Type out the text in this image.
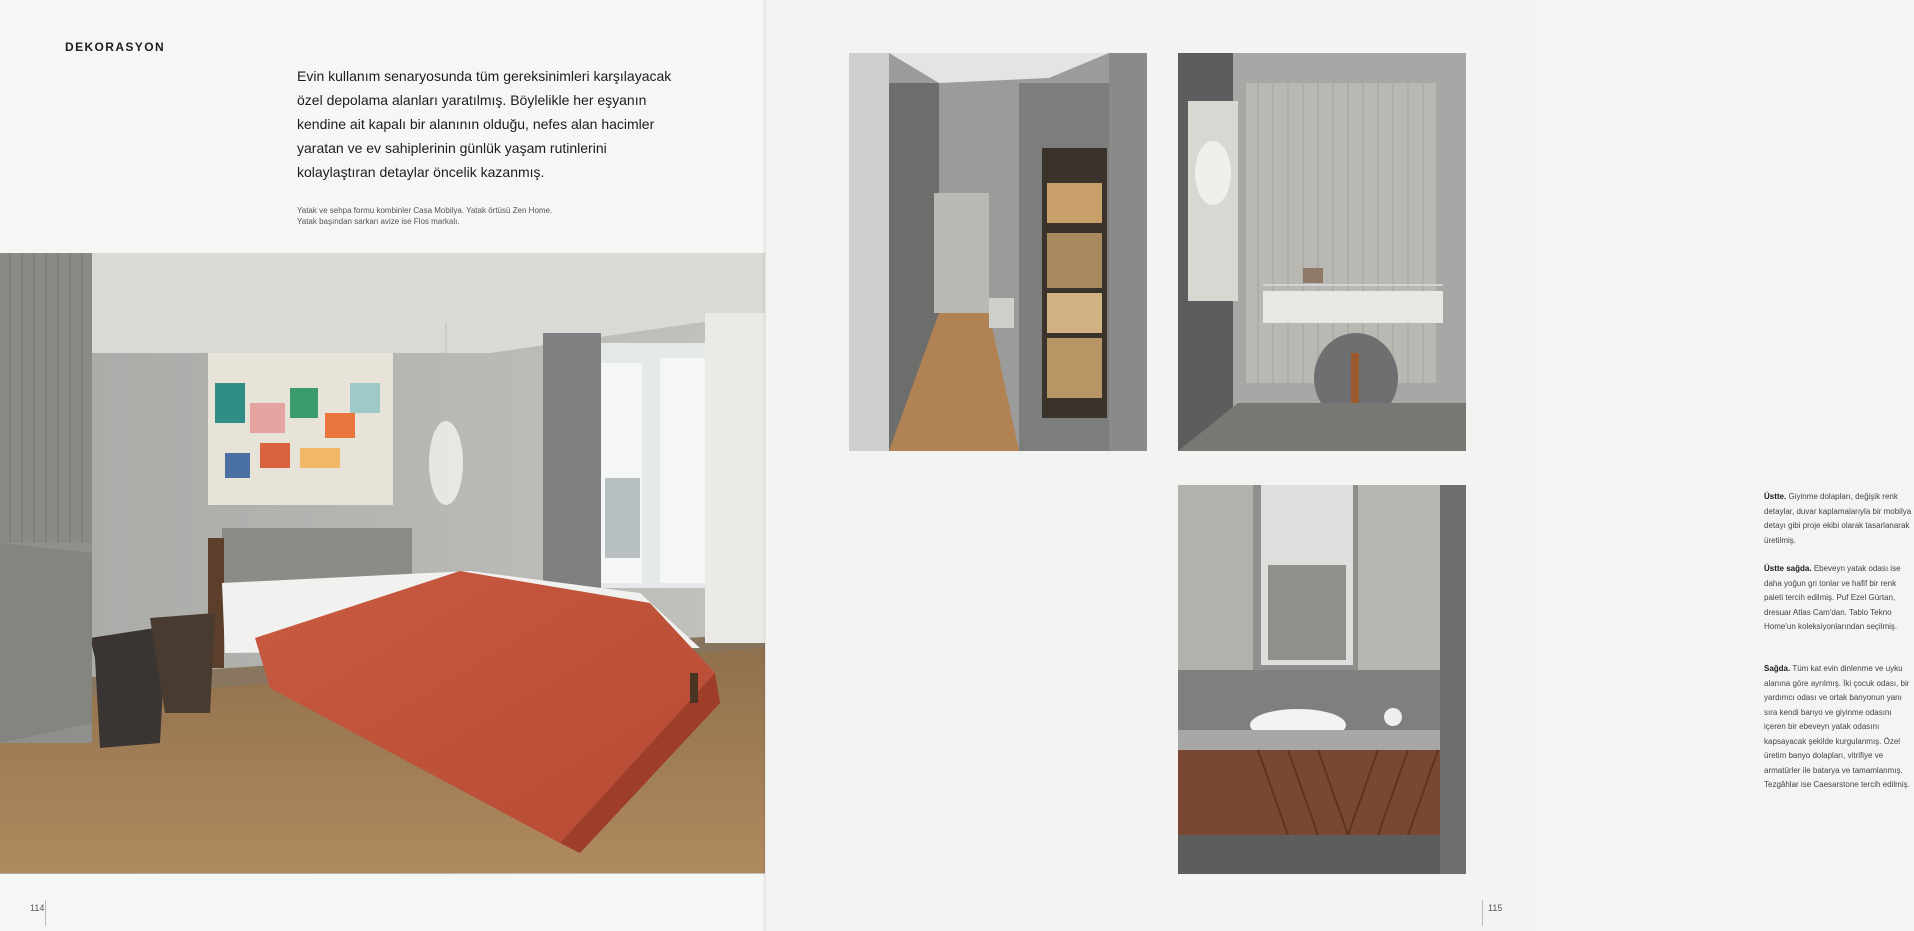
DEKORASYON
Evin kullanım senaryosunda tüm gereksinimleri karşılayacak özel depolama alanları yaratılmış. Böylelikle her eşyanın kendine ait kapalı bir alanının olduğu, nefes alan hacimler yaratan ve ev sahiplerinin günlük yaşam rutinlerini kolaylaştıran detaylar öncelik kazanmış.
Yatak ve sehpa formu kombinler Casa Mobilya. Yatak örtüsü Zen Home.
Yatak başından sarkan avize ise Flos markalı.
114
Üstte. Giyinme dolapları, değişik renk detaylar, duvar kaplamalarıyla bir mobilya detayı gibi proje ekibi olarak tasarlanarak üretilmiş.
Üstte sağda. Ebeveyn yatak odası ise daha yoğun gri tonlar ve hafif bir renk paleti tercih edilmiş. Puf Ezel Gürtan, dresuar Atlas Cam'dan. Tablo Tekno Home'un koleksiyonlarından seçilmiş.
Sağda. Tüm kat evin dinlenme ve uyku alanına göre ayrılmış. İki çocuk odası, bir yardımcı odası ve ortak banyonun yanı sıra kendi banyo ve giyinme odasını içeren bir ebeveyn yatak odasını kapsayacak şekilde kurgulanmış. Özel üretim banyo dolapları, vitrifiye ve armatürler ile batarya ve tamamlanmış. Tezgâhlar ise Caesarstone tercih edilmiş.
115
